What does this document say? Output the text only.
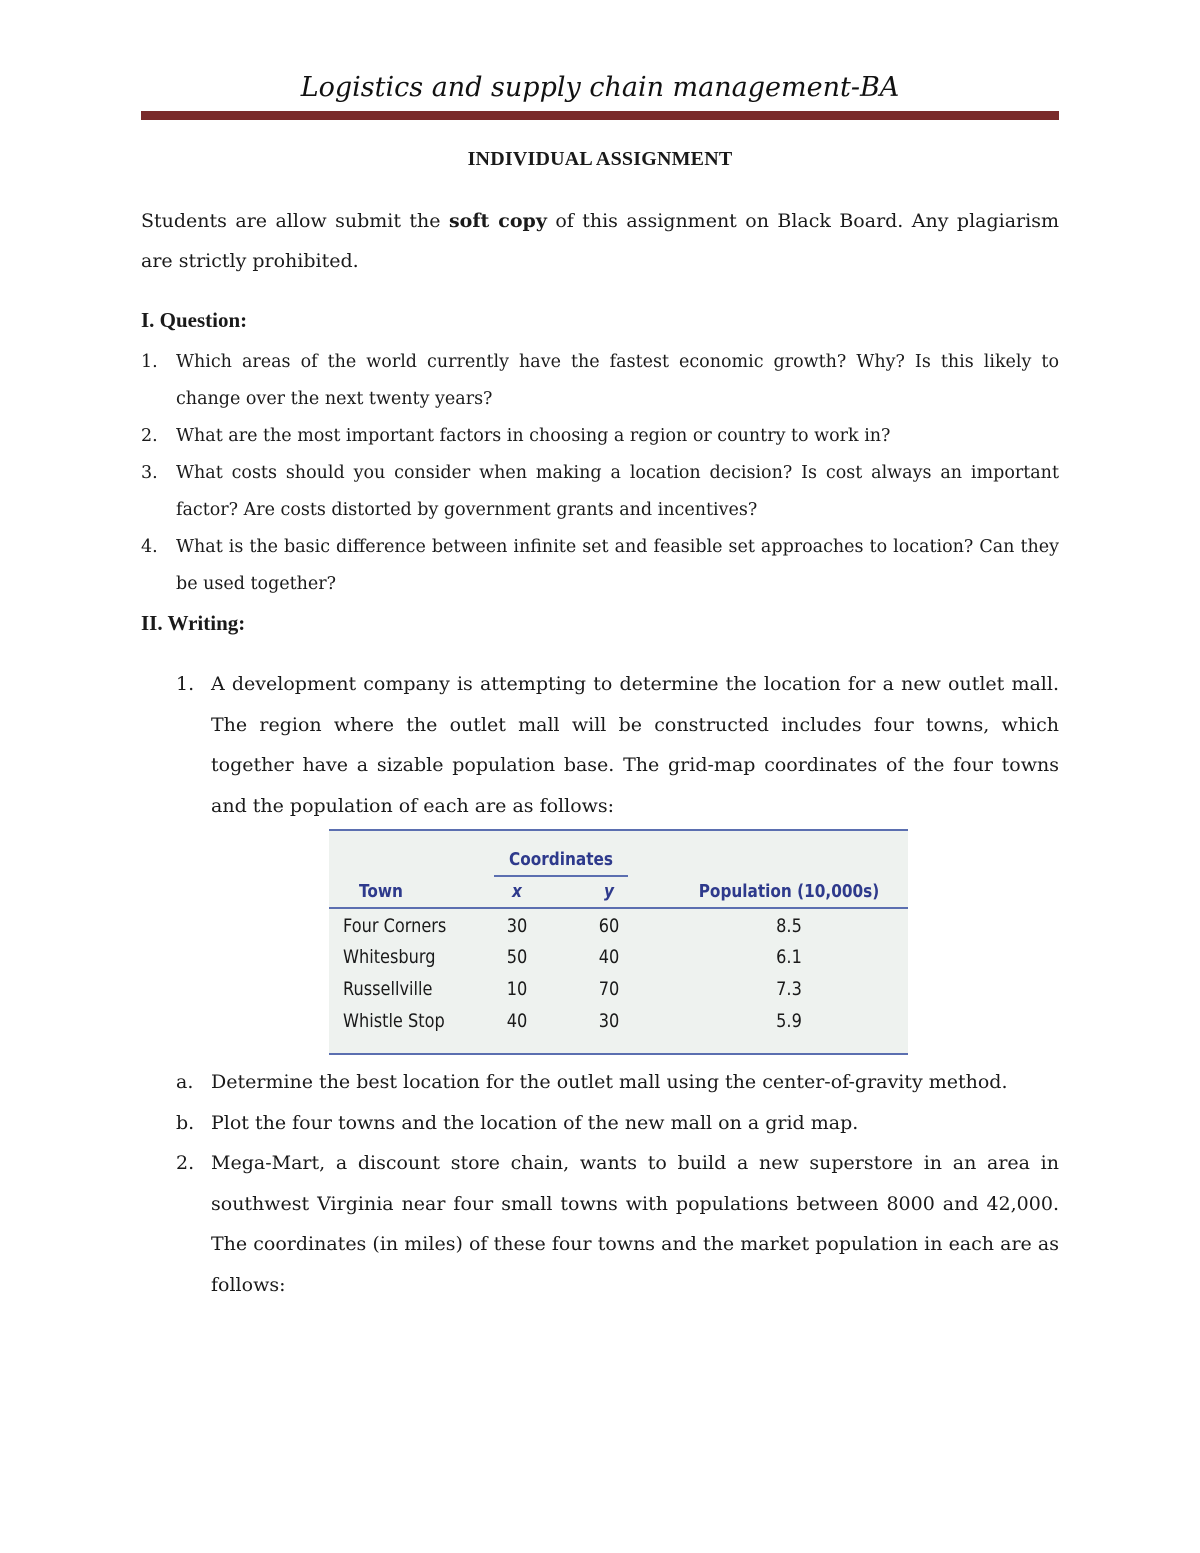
Logistics and supply chain management-BA
INDIVIDUAL ASSIGNMENT
Students are allow submit the soft copy of this assignment on Black Board. Any plagiarism are strictly prohibited.
I. Question:
1. Which areas of the world currently have the fastest economic growth? Why? Is this likely to change over the next twenty years?
2. What are the most important factors in choosing a region or country to work in?
3. What costs should you consider when making a location decision? Is cost always an important factor? Are costs distorted by government grants and incentives?
4. What is the basic difference between infinite set and feasible set approaches to location? Can they be used together?
II. Writing:
1. A development company is attempting to determine the location for a new outlet mall. The region where the outlet mall will be constructed includes four towns, which together have a sizable population base. The grid-map coordinates of the four towns and the population of each are as follows:
Coordinates
Town	x	y	Population (10,000s)
Four Corners	30	60	8.5
Whitesburg	50	40	6.1
Russellville	10	70	7.3
Whistle Stop	40	30	5.9
a. Determine the best location for the outlet mall using the center-of-gravity method.
b. Plot the four towns and the location of the new mall on a grid map.
2. Mega-Mart, a discount store chain, wants to build a new superstore in an area in southwest Virginia near four small towns with populations between 8000 and 42,000. The coordinates (in miles) of these four towns and the market population in each are as follows:
